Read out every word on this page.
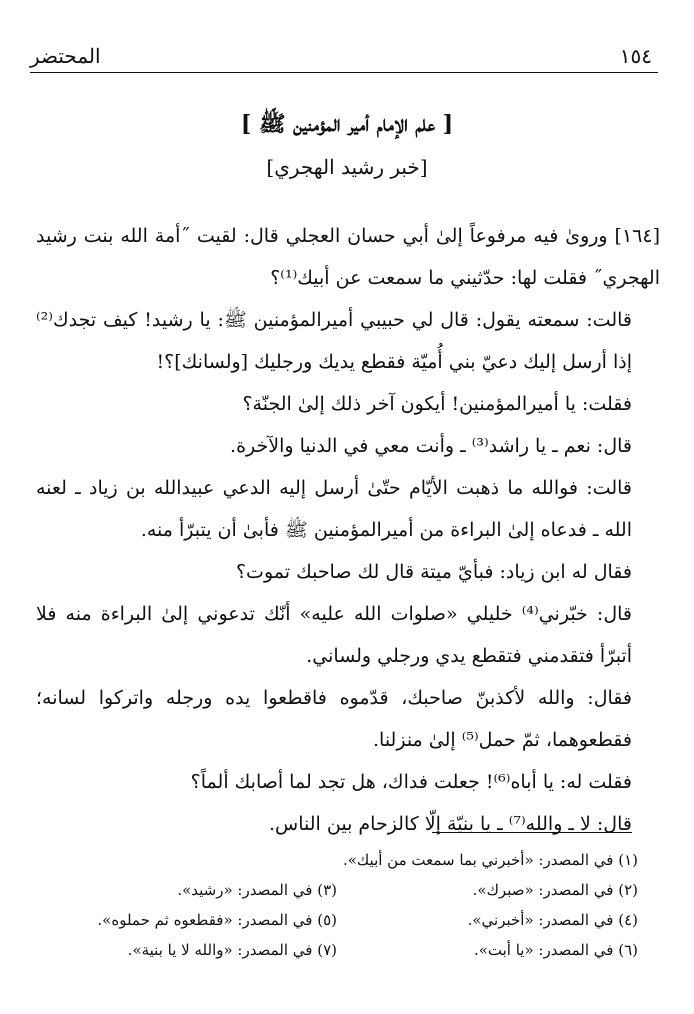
١٥٤
المحتضر
[ علم الإمام أمير المؤمنين ﷺ ]
[خبر رشيد الهجري]

[١٦٤] وروىٰ فيه مرفوعاً إلىٰ أبي حسان العجلي قال: لقيت ˝أمة الله بنت رشيد الهجري˝ فقلت لها: حدّثيني ما سمعت عن أبيك⁽¹⁾؟

قالت: سمعته يقول: قال لي حبيبي أميرالمؤمنين ﷺ: يا رشيد! كيف تجدك⁽²⁾ إذا أرسل إليك دعيّ بني أُميّة فقطع يديك ورجليك [ولسانك]؟!

فقلت: يا أميرالمؤمنين! أيكون آخر ذلك إلىٰ الجنّة؟

قال: نعم ـ يا راشد⁽³⁾ ـ وأنت معي في الدنيا والآخرة.

قالت: فوالله ما ذهبت الأيّام حتّىٰ أرسل إليه الدعي عبيدالله بن زياد ـ لعنه الله ـ فدعاه إلىٰ البراءة من أميرالمؤمنين ﷺ فأبىٰ أن يتبرّأ منه.

فقال له ابن زياد: فبأيّ ميتة قال لك صاحبك تموت؟

قال: خبّرني⁽⁴⁾ خليلي «صلوات الله عليه» أنّك تدعوني إلىٰ البراءة منه فلا أتبرّأ فتقدمني فتقطع يدي ورجلي ولساني.

فقال: والله لأكذبنّ صاحبك، قدّموه فاقطعوا يده ورجله واتركوا لسانه؛ فقطعوهما، ثمّ حمل⁽⁵⁾ إلىٰ منزلنا.

فقلت له: يا أباه⁽⁶⁾! جعلت فداك، هل تجد لما أصابك ألماً؟

قال: لا ـ والله⁽⁷⁾ ـ يا بنيّة إلّا كالزحام بين الناس.

(١) في المصدر: «أخبرني بما سمعت من أبيك».
(٢) في المصدر: «صبرك».
(٣) في المصدر: «رشيد».
(٤) في المصدر: «أخبرني».
(٥) في المصدر: «فقطعوه ثم حملوه».
(٦) في المصدر: «يا أبت».
(٧) في المصدر: «والله لا يا بنية».
